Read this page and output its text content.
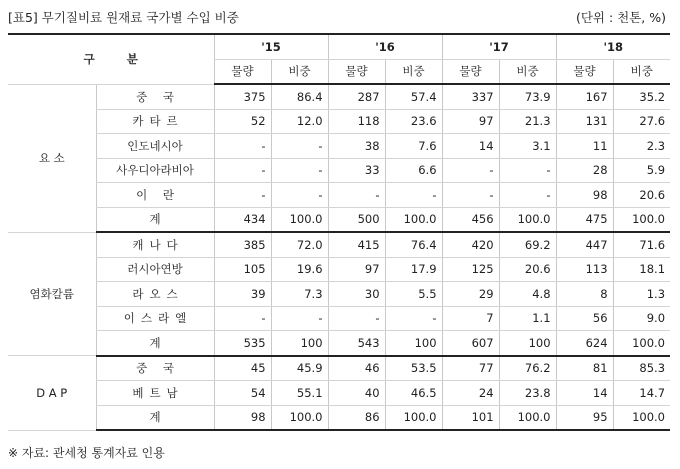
[표5] 무기질비료 원재료 국가별 수입 비중	(단위 : 천톤, %)
구 분		'15		'16		'17		'18	
		물량	비중	물량	비중	물량	비중	물량	비중
요 소	중 국	375	86.4	287	57.4	337	73.9	167	35.2
	카타르	52	12.0	118	23.6	97	21.3	131	27.6
	인도네시아	-	-	38	7.6	14	3.1	11	2.3
	사우디아라비아	-	-	33	6.6	-	-	28	5.9
	이 란	-	-	-	-	-	-	98	20.6
	계	434	100.0	500	100.0	456	100.0	475	100.0
염화칼륨	캐나다	385	72.0	415	76.4	420	69.2	447	71.6
	러시아연방	105	19.6	97	17.9	125	20.6	113	18.1
	라오스	39	7.3	30	5.5	29	4.8	8	1.3
	이스라엘	-	-	-	-	7	1.1	56	9.0
	계	535	100	543	100	607	100	624	100.0
D A P	중 국	45	45.9	46	53.5	77	76.2	81	85.3
	베트남	54	55.1	40	46.5	24	23.8	14	14.7
	계	98	100.0	86	100.0	101	100.0	95	100.0
※ 자료: 관세청 통계자료 인용
